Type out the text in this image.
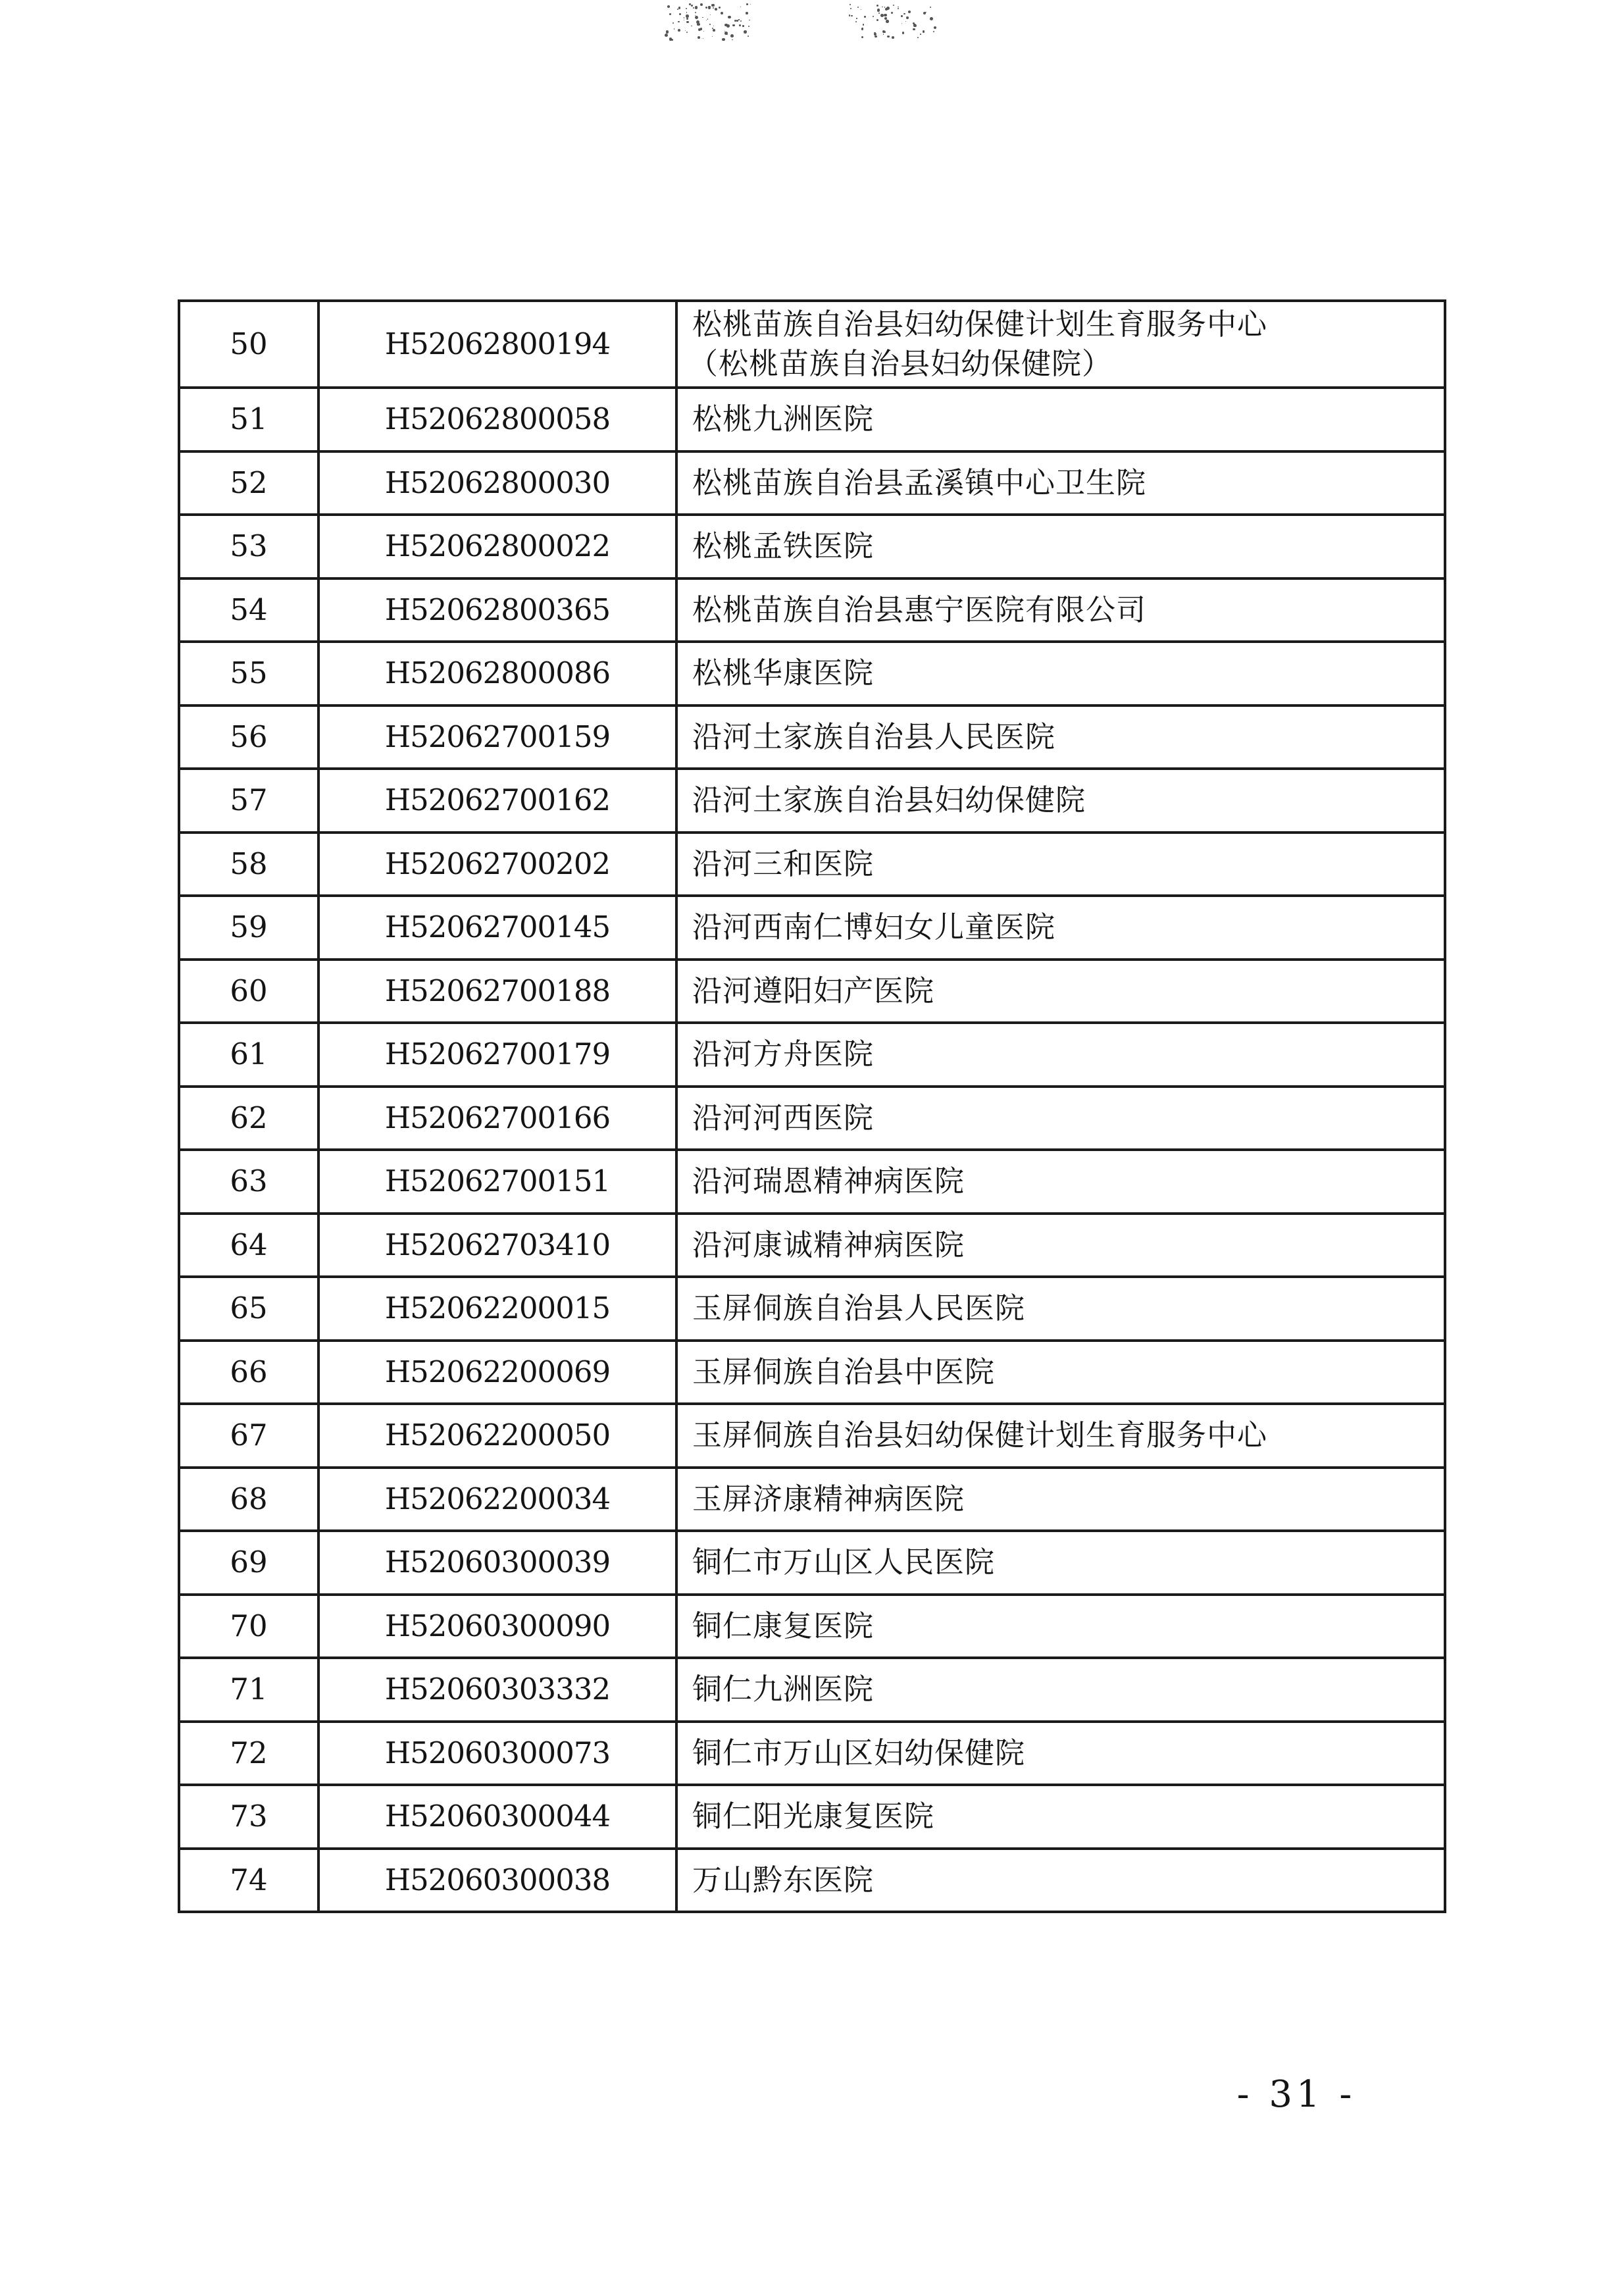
50	H52062800194	松桃苗族自治县妇幼保健计划生育服务中心
（松桃苗族自治县妇幼保健院）

51	H52062800058	松桃九洲医院

52	H52062800030	松桃苗族自治县孟溪镇中心卫生院

53	H52062800022	松桃孟铁医院

54	H52062800365	松桃苗族自治县惠宁医院有限公司

55	H52062800086	松桃华康医院

56	H52062700159	沿河土家族自治县人民医院

57	H52062700162	沿河土家族自治县妇幼保健院

58	H52062700202	沿河三和医院

59	H52062700145	沿河西南仁博妇女儿童医院

60	H52062700188	沿河遵阳妇产医院

61	H52062700179	沿河方舟医院

62	H52062700166	沿河河西医院

63	H52062700151	沿河瑞恩精神病医院

64	H52062703410	沿河康诚精神病医院

65	H52062200015	玉屏侗族自治县人民医院

66	H52062200069	玉屏侗族自治县中医院

67	H52062200050	玉屏侗族自治县妇幼保健计划生育服务中心

68	H52062200034	玉屏济康精神病医院

69	H52060300039	铜仁市万山区人民医院

70	H52060300090	铜仁康复医院

71	H52060303332	铜仁九洲医院

72	H52060300073	铜仁市万山区妇幼保健院

73	H52060300044	铜仁阳光康复医院

74	H52060300038	万山黔东医院
- 31 -
